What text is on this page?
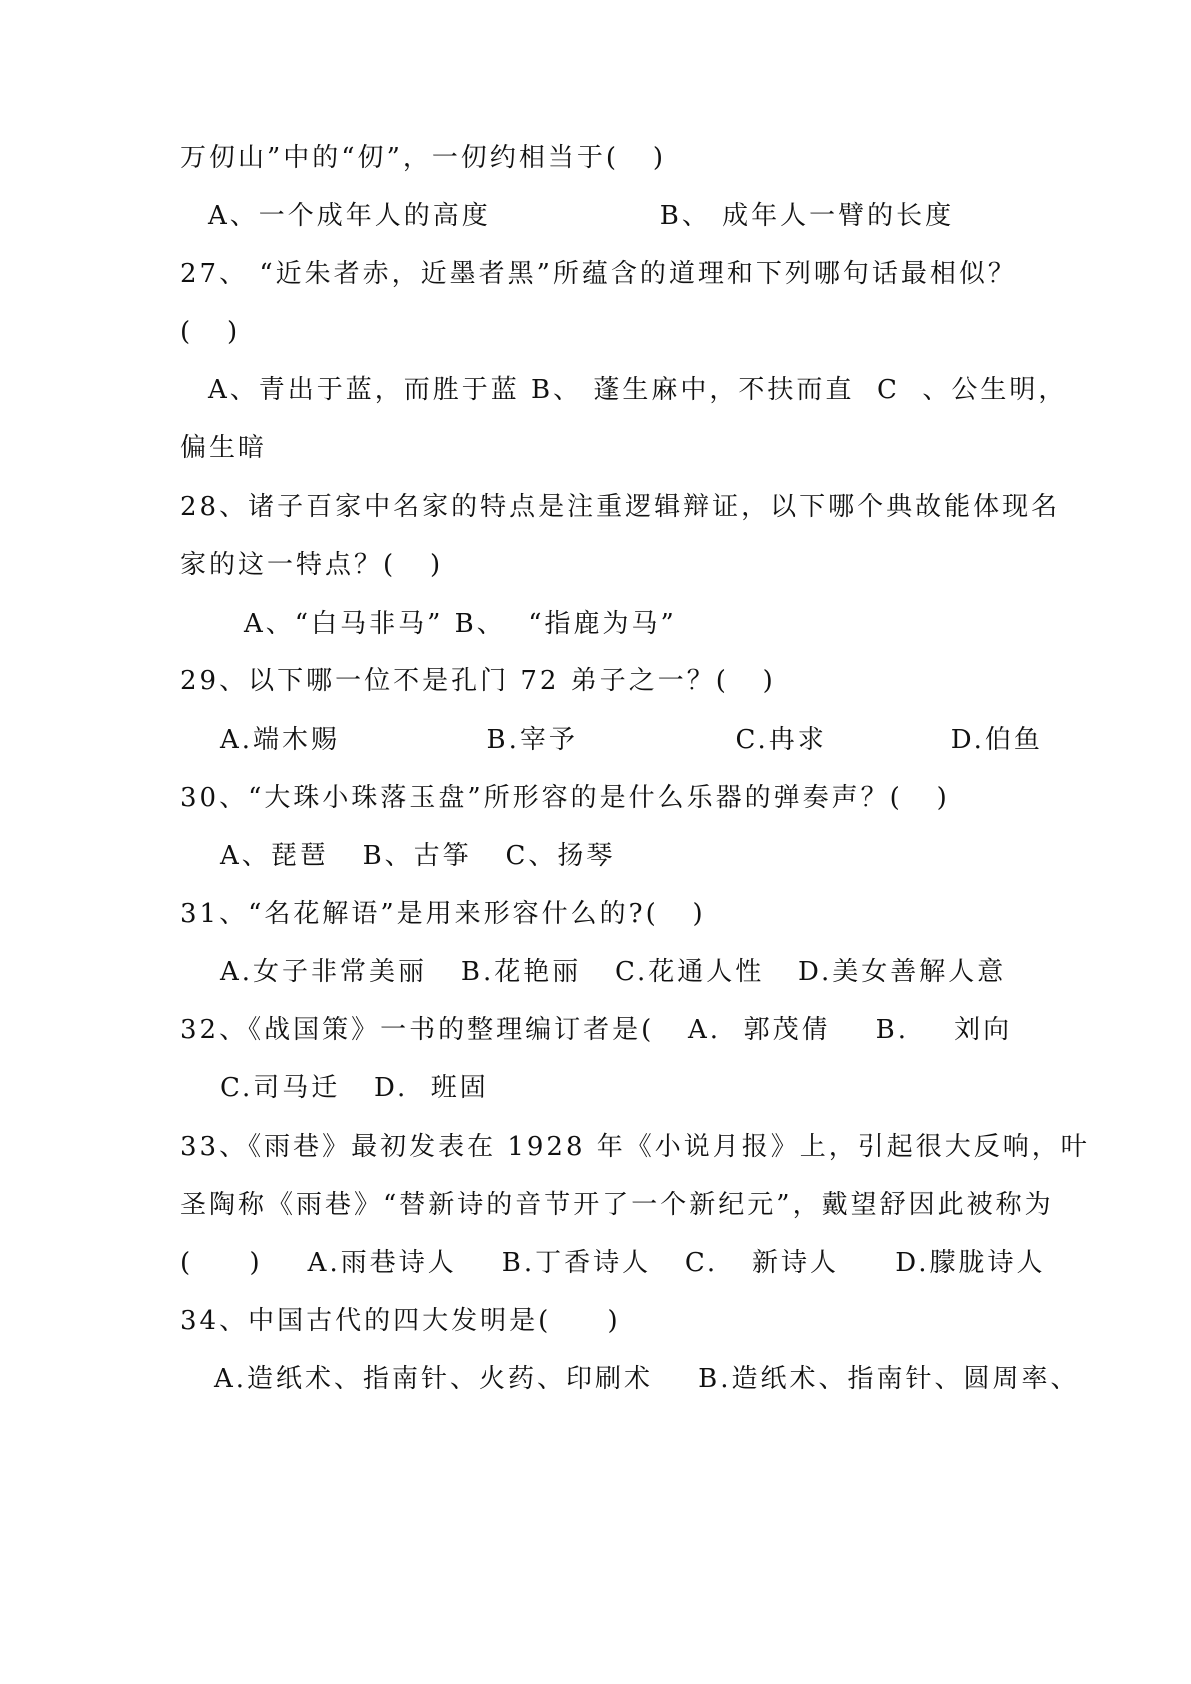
万仞山”中的“仞”，一仞约相当于(   )
A、一个成年人的高度               B、 成年人一臂的长度
27、 “近朱者赤，近墨者黑”所蕴含的道理和下列哪句话最相似？
(   )
A、青出于蓝，而胜于蓝 B、 蓬生麻中，不扶而直  C  、公生明，
偏生暗
28、诸子百家中名家的特点是注重逻辑辩证，以下哪个典故能体现名
家的这一特点？(   )
A、“白马非马” B、  “指鹿为马”
29、以下哪一位不是孔门 72 弟子之一？(   )
A.端木赐             B.宰予              C.冉求           D.伯鱼
30、“大珠小珠落玉盘”所形容的是什么乐器的弹奏声？(   )
A、琵琶   B、古筝   C、扬琴
31、“名花解语”是用来形容什么的?(   )
A.女子非常美丽   B.花艳丽   C.花通人性   D.美女善解人意
32、《战国策》一书的整理编订者是(   A.  郭茂倩    B.    刘向
C.司马迁   D.  班固
33、《雨巷》最初发表在 1928 年《小说月报》上，引起很大反响，叶
圣陶称《雨巷》“替新诗的音节开了一个新纪元”，戴望舒因此被称为
(     )    A.雨巷诗人    B.丁香诗人   C.   新诗人     D.朦胧诗人
34、中国古代的四大发明是(     )
A.造纸术、指南针、火药、印刷术    B.造纸术、指南针、圆周率、
